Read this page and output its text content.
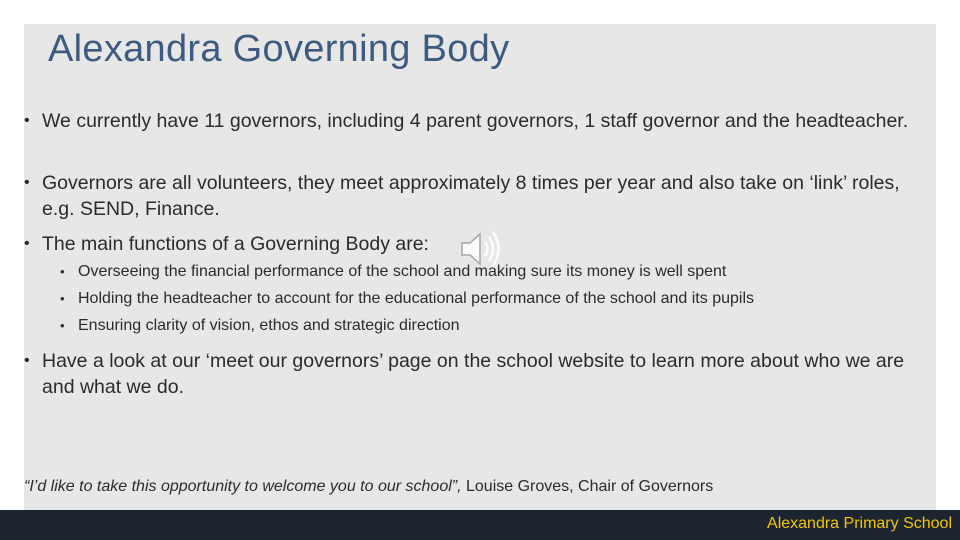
Alexandra Governing Body
• We currently have 11 governors, including 4 parent governors, 1 staff governor and the headteacher.
• Governors are all volunteers, they meet approximately 8 times per year and also take on ‘link’ roles, e.g. SEND, Finance.
• The main functions of a Governing Body are:
• Overseeing the financial performance of the school and making sure its money is well spent
• Holding the headteacher to account for the educational performance of the school and its pupils
• Ensuring clarity of vision, ethos and strategic direction
• Have a look at our ‘meet our governors’ page on the school website to learn more about who we are and what we do.
“I’d like to take this opportunity to welcome you to our school”, Louise Groves, Chair of Governors
Alexandra Primary School
